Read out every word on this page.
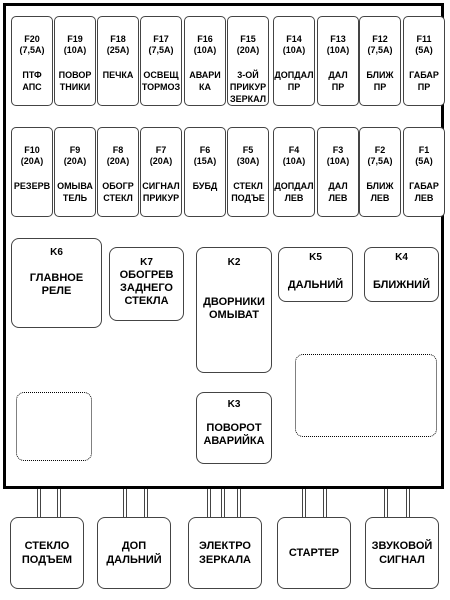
F20
(7,5A)
ПТФ
АПС
F19
(10A)
ПОВОР
ТНИКИ
F18
(25A)
ПЕЧКА
F17
(7,5A)
ОСВЕЩ
ТОРМОЗ
F16
(10A)
АВАРИ
КА
F15
(20A)
3-ОЙ
ПРИКУР
ЗЕРКАЛ
F14
(10A)
ДОПДАЛ
ПР
F13
(10A)
ДАЛ
ПР
F12
(7,5A)
БЛИЖ
ПР
F11
(5A)
ГАБАР
ПР
F10
(20A)
РЕЗЕРВ
F9
(20A)
ОМЫВА
ТЕЛЬ
F8
(20A)
ОБОГР
СТЕКЛ
F7
(20A)
СИГНАЛ
ПРИКУР
F6
(15A)
БУБД
F5
(30A)
СТЕКЛ
ПОДЪЕ
F4
(10A)
ДОПДАЛ
ЛЕВ
F3
(10A)
ДАЛ
ЛЕВ
F2
(7,5A)
БЛИЖ
ЛЕВ
F1
(5A)
ГАБАР
ЛЕВ
K6
ГЛАВНОЕ
РЕЛЕ
K7
ОБОГРЕВ
ЗАДНЕГО
СТЕКЛА
K2
ДВОРНИКИ
ОМЫВАТ
K5
ДАЛЬНИЙ
K4
БЛИЖНИЙ
K3
ПОВОРОТ
АВАРИЙКА
СТЕКЛО
ПОДЪЕМ
ДОП
ДАЛЬНИЙ
ЭЛЕКТРО
ЗЕРКАЛА
СТАРТЕР
ЗВУКОВОЙ
СИГНАЛ
